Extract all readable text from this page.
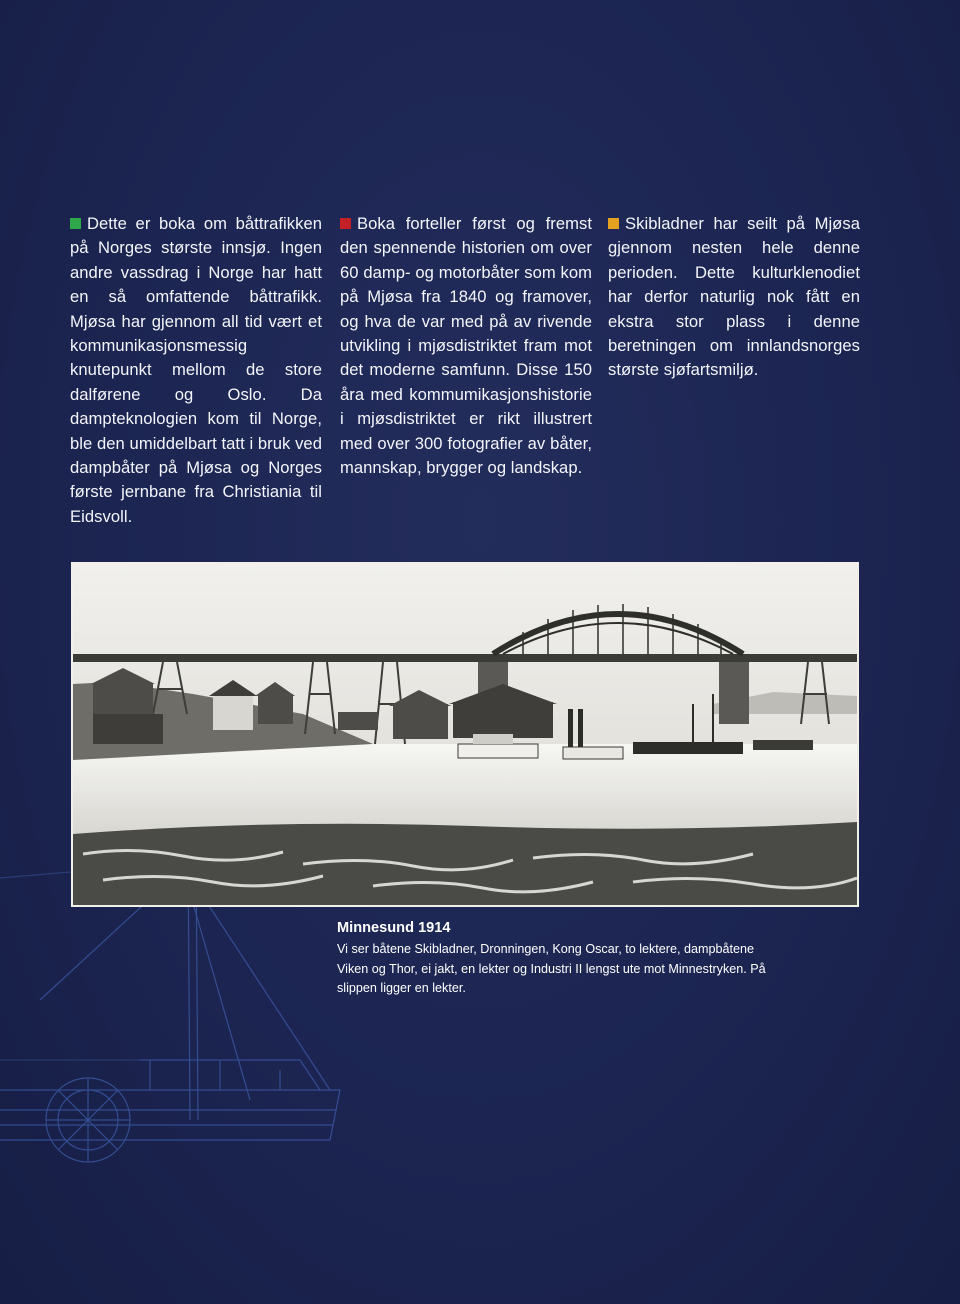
Dette er boka om båttrafikken på Norges største innsjø. Ingen andre vassdrag i Norge har hatt en så omfattende båttrafikk. Mjøsa har gjennom all tid vært et kommunikasjonsmessig knutepunkt mellom de store dalførene og Oslo. Da dampteknologien kom til Norge, ble den umiddelbart tatt i bruk ved dampbåter på Mjøsa og Norges første jernbane fra Christiania til Eidsvoll.
Boka forteller først og fremst den spennende historien om over 60 damp- og motorbåter som kom på Mjøsa fra 1840 og framover, og hva de var med på av rivende utvikling i mjøsdistriktet fram mot det moderne samfunn. Disse 150 åra med kommumikasjonshistorie i mjøsdistriktet er rikt illustrert med over 300 fotografier av båter, mannskap, brygger og landskap.
Skibladner har seilt på Mjøsa gjennom nesten hele denne perioden. Dette kulturklenodiet har derfor naturlig nok fått en ekstra stor plass i denne beretningen om innlandsnorges største sjøfartsmiljø.
Minnesund 1914
Vi ser båtene Skibladner, Dronningen, Kong Oscar, to lektere, dampbåtene Viken og Thor, ei jakt, en lekter og Industri II lengst ute mot Minnestryken. På slippen ligger en lekter.
